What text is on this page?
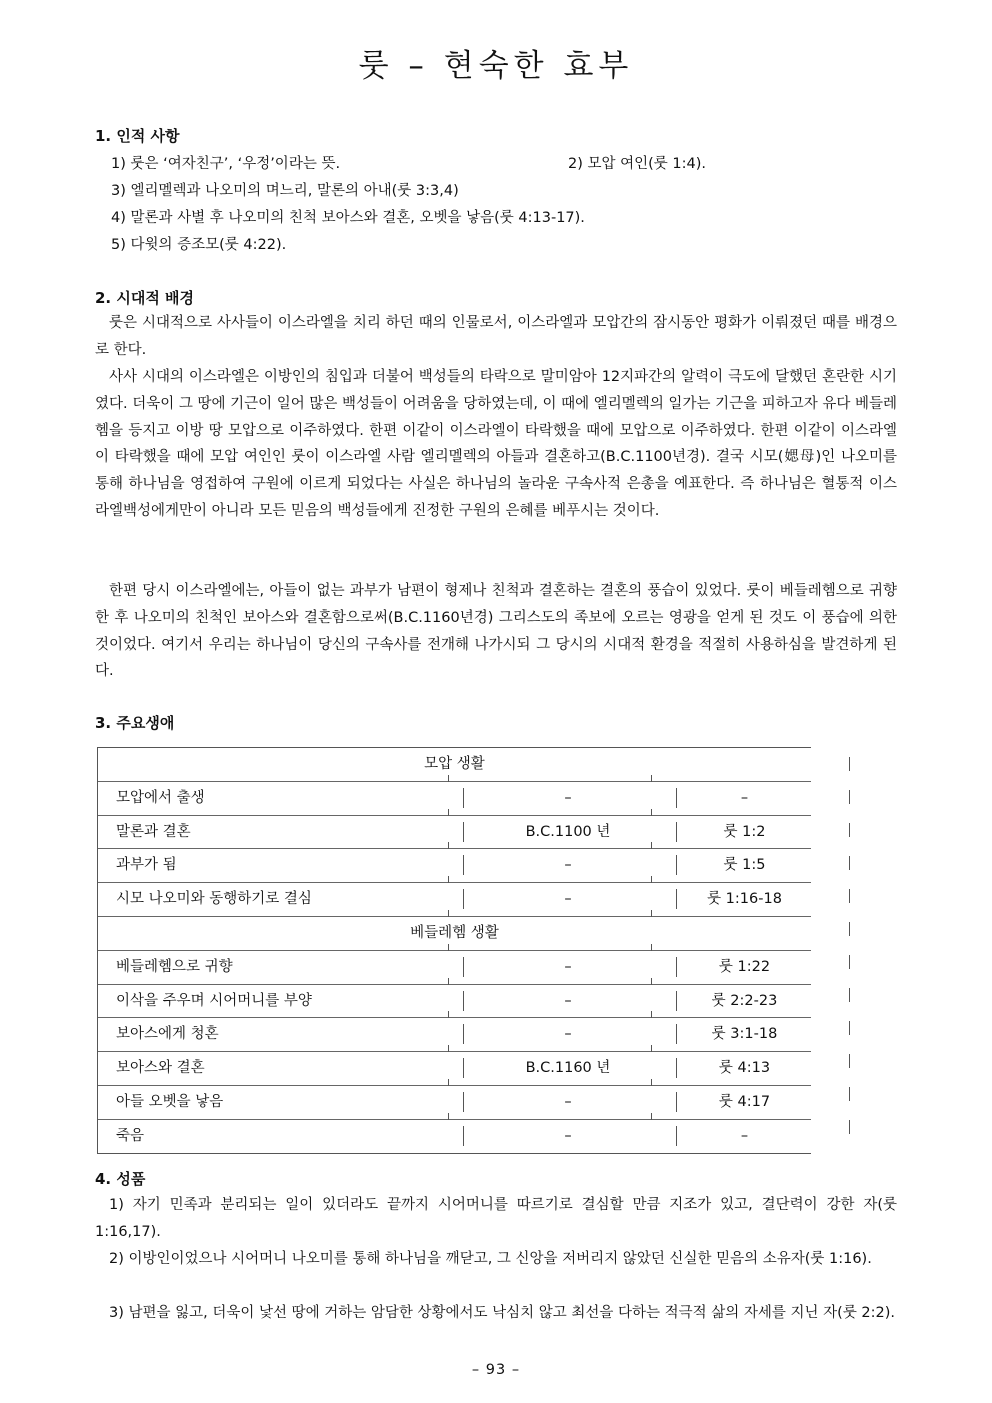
룻 – 현숙한 효부
1. 인적 사항
1) 룻은 ‘여자친구’, ‘우정’이라는 뜻.	2) 모압 여인(룻 1:4).
3) 엘리멜렉과 나오미의 며느리, 말론의 아내(룻 3:3,4)
4) 말론과 사별 후 나오미의 친척 보아스와 결혼, 오벳을 낳음(룻 4:13-17).
5) 다윗의 증조모(룻 4:22).
2. 시대적 배경
룻은 시대적으로 사사들이 이스라엘을 치리 하던 때의 인물로서, 이스라엘과 모압간의 잠시동안 평화가 이뤄졌던 때를 배경으로 한다.
사사 시대의 이스라엘은 이방인의 침입과 더불어 백성들의 타락으로 말미암아 12지파간의 알력이 극도에 달했던 혼란한 시기였다. 더욱이 그 땅에 기근이 일어 많은 백성들이 어려움을 당하였는데, 이 때에 엘리멜렉의 일가는 기근을 피하고자 유다 베들레헴을 등지고 이방 땅 모압으로 이주하였다. 한편 이같이 이스라엘이 타락했을 때에 모압으로 이주하였다. 한편 이같이 이스라엘이 타락했을 때에 모압 여인인 룻이 이스라엘 사람 엘리멜렉의 아들과 결혼하고(B.C.1100년경). 결국 시모(媤母)인 나오미를 통해 하나님을 영접하여 구원에 이르게 되었다는 사실은 하나님의 놀라운 구속사적 은총을 예표한다. 즉 하나님은 혈통적 이스라엘백성에게만이 아니라 모든 믿음의 백성들에게 진정한 구원의 은혜를 베푸시는 것이다.
한편 당시 이스라엘에는, 아들이 없는 과부가 남편이 형제나 친척과 결혼하는 결혼의 풍습이 있었다. 룻이 베들레헴으로 귀향한 후 나오미의 친척인 보아스와 결혼함으로써(B.C.1160년경) 그리스도의 족보에 오르는 영광을 얻게 된 것도 이 풍습에 의한 것이었다. 여기서 우리는 하나님이 당신의 구속사를 전개해 나가시되 그 당시의 시대적 환경을 적절히 사용하심을 발견하게 된다.
3. 주요생애
모압 생활
모압에서 출생	–	–
말론과 결혼	B.C.1100 년	룻 1:2
과부가 됨	–	룻 1:5
시모 나오미와 동행하기로 결심	–	룻 1:16-18
베들레헴 생활
베들레헴으로 귀향	–	룻 1:22
이삭을 주우며 시어머니를 부양	–	룻 2:2-23
보아스에게 청혼	–	룻 3:1-18
보아스와 결혼	B.C.1160 년	룻 4:13
아들 오벳을 낳음	–	룻 4:17
죽음	–	–
4. 성품
1) 자기 민족과 분리되는 일이 있더라도 끝까지 시어머니를 따르기로 결심할 만큼 지조가 있고, 결단력이 강한 자(룻 1:16,17).
2) 이방인이었으나 시어머니 나오미를 통해 하나님을 깨닫고, 그 신앙을 저버리지 않았던 신실한 믿음의 소유자(룻 1:16).
3) 남편을 잃고, 더욱이 낯선 땅에 거하는 암담한 상황에서도 낙심치 않고 최선을 다하는 적극적 삶의 자세를 지닌 자(룻 2:2).
– 93 –
